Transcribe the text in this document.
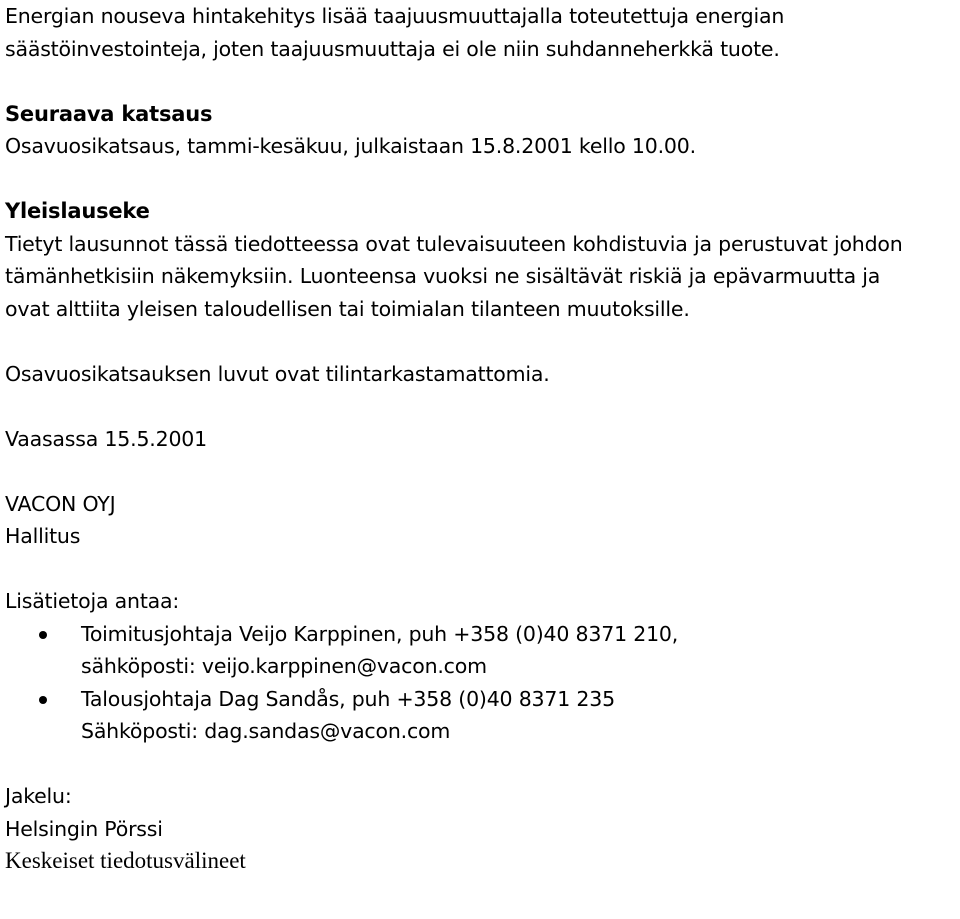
Energian nouseva hintakehitys lisää taajuusmuuttajalla toteutettuja energian
säästöinvestointeja, joten taajuusmuuttaja ei ole niin suhdanneherkkä tuote.
Seuraava katsaus
Osavuosikatsaus, tammi-kesäkuu, julkaistaan 15.8.2001 kello 10.00.
Yleislauseke
Tietyt lausunnot tässä tiedotteessa ovat tulevaisuuteen kohdistuvia ja perustuvat johdon
tämänhetkisiin näkemyksiin. Luonteensa vuoksi ne sisältävät riskiä ja epävarmuutta ja
ovat alttiita yleisen taloudellisen tai toimialan tilanteen muutoksille.
Osavuosikatsauksen luvut ovat tilintarkastamattomia.
Vaasassa 15.5.2001
VACON OYJ
Hallitus
Lisätietoja antaa:
Toimitusjohtaja Veijo Karppinen, puh +358 (0)40 8371 210,
sähköposti: veijo.karppinen@vacon.com
Talousjohtaja Dag Sandås, puh +358 (0)40 8371 235
Sähköposti: dag.sandas@vacon.com
Jakelu:
Helsingin Pörssi
Keskeiset tiedotusvälineet
